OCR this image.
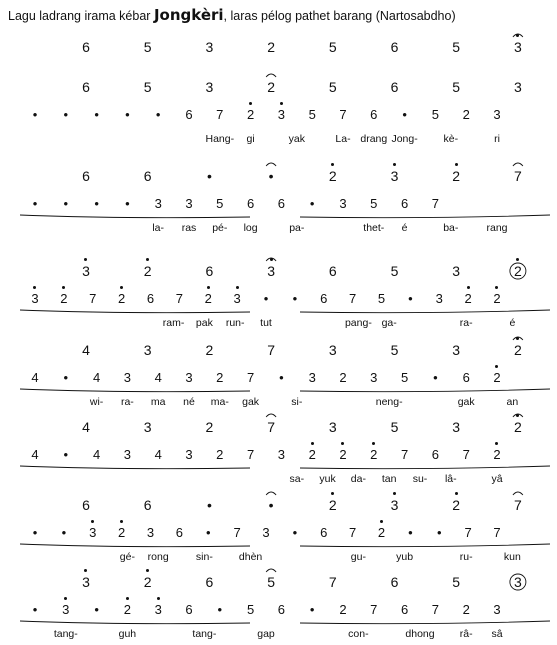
Lagu ladrang irama kébar Jongkèri, laras pélog pathet barang (Nartosabdho)
6	5	3	2	5	6	5	3
6	5	3	2	5	6	5	3
•	•	•	•	•	6	7	2	3	5	7	6	•	5	2	3
Hang- gi	yak	La- drang Jong- kè-	ri
6	6	•	•	2	3	2	7
•	•	•	•	3	3	5	6	6	•	3	5	6	7
la- ras pé- log	pa-	thet- é	ba-	rang
3	2	6	3	6	5	3	2
3	2	7	2	6	7	2	3	•	•	6	7	5	•	3	2	2
ram- pak run- tut	pang- ga-	ra-	é
4	3	2	7	3	5	3	2
4	•	4	3	4	3	2	7	•	3	2	3	5	•	6	2
wi- ra- ma né ma- gak	si-	neng-	gak	an
4	3	2	7	3	5	3	2
4	•	4	3	4	3	2	7	3	2	2	2	7	6	7	2
sa- yuk da- tan su- lâ-	yâ
6	6	•	•	2	3	2	7
•	•	3	2	3	6	•	7	3	•	6	7	2	•	•	7	7
gé- rong	sin- dhèn	gu-	yub	ru-	kun
3	2	6	5	7	6	5	3
•	3	•	2	3	6	•	5	6	•	2	7	6	7	2	3
tang-	guh	tang-	gap	con-	dhong râ- sâ
